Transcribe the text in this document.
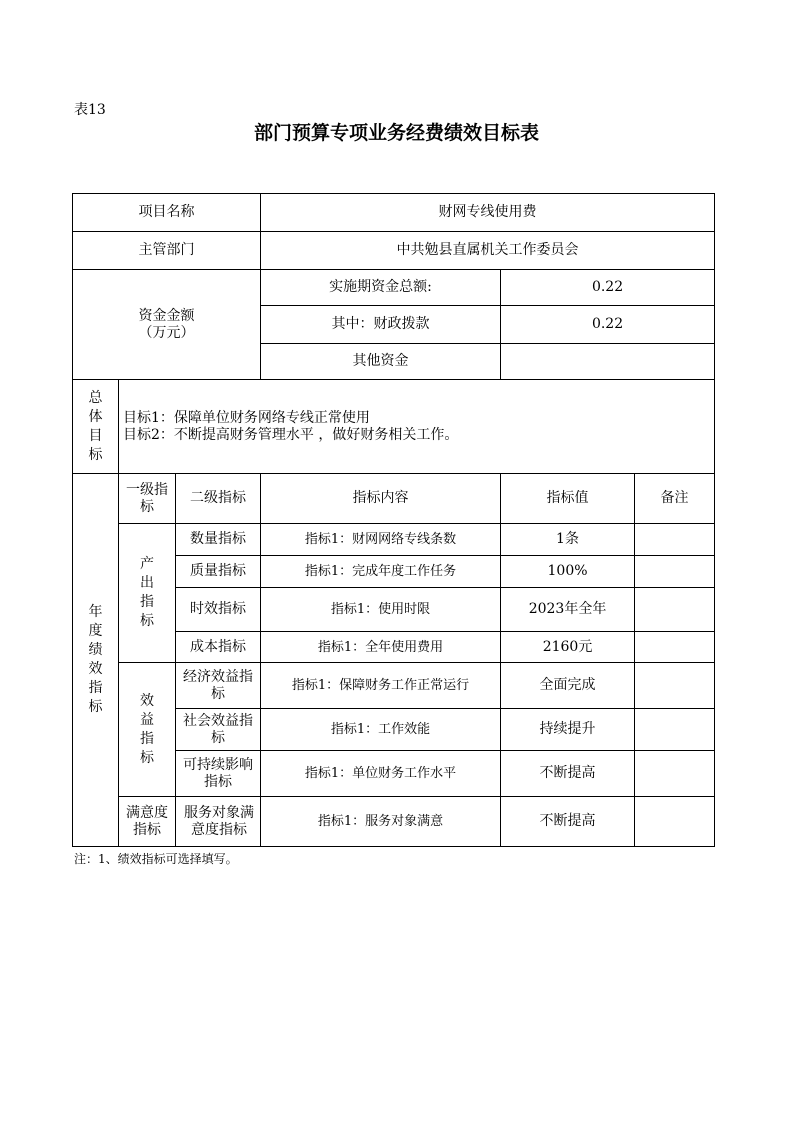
表13
部门预算专项业务经费绩效目标表
项目名称			财网专线使用费		
主管部门			中共勉县直属机关工作委员会		

资金金额
（万元）			实施期资金总额:	0.22	
			其中：财政拨款	0.22	
			其他资金		

总体目标	目标1：保障单位财务网络专线正常使用
目标2：不断提高财务管理水平 ，做好财务相关工作。				

年度绩效指标	一级指标	二级指标	指标内容	指标值	备注

	产出指标	数量指标	指标1：财网网络专线条数	1条	
		质量指标	指标1：完成年度工作任务	100%	
		时效指标	指标1：使用时限	2023年全年	
		成本指标	指标1：全年使用费用	2160元	

	效益指标	经济效益指标	指标1：保障财务工作正常运行	全面完成	

		社会效益指标	指标1：工作效能	持续提升	

		可持续影响指标	指标1：单位财务工作水平	不断提高	

	满意度指标	服务对象满意度指标	指标1：服务对象满意	不断提高	
注：1、绩效指标可选择填写。
